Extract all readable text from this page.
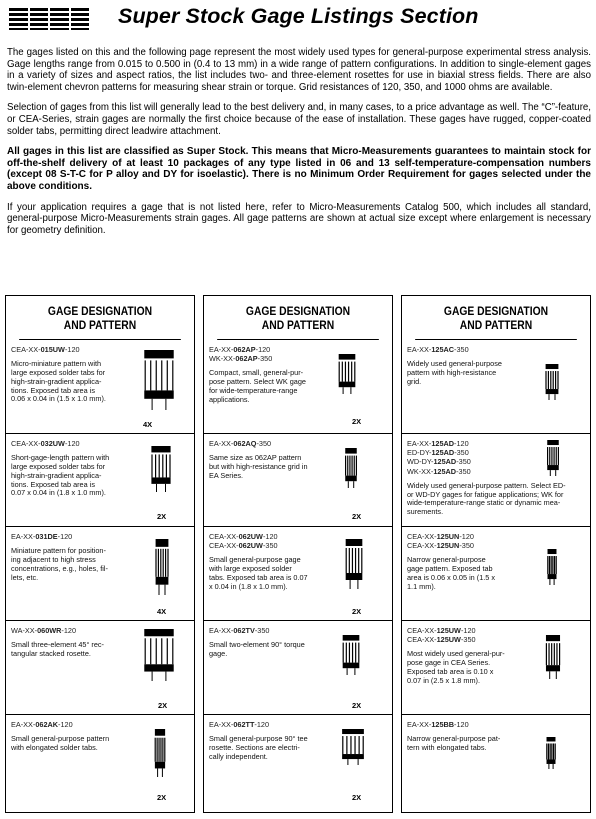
Super Stock Gage Listings Section

The gages listed on this and the following page represent the most widely used types for general-purpose experimental stress analysis. Gage lengths range from 0.015 to 0.500 in (0.4 to 13 mm) in a wide range of pattern configurations. In addition to single-element gages in a variety of sizes and aspect ratios, the list includes two- and three-element rosettes for use in biaxial stress fields. There are also twin-element chevron patterns for measuring shear strain or torque. Grid resistances of 120, 350, and 1000 ohms are available.

Selection of gages from this list will generally lead to the best delivery and, in many cases, to a price advantage as well. The “C”-feature, or CEA-Series, strain gages are normally the first choice because of the ease of installation. These gages have rugged, copper-coated solder tabs, permitting direct leadwire attachment.

All gages in this list are classified as Super Stock. This means that Micro-Measurements guarantees to maintain stock for off-the-shelf delivery of at least 10 packages of any type listed in 06 and 13 self-temperature-compensation numbers (except 08 S-T-C for P alloy and DY for isoelastic). There is no Minimum Order Requirement for gages selected under the above conditions.

If your application requires a gage that is not listed here, refer to Micro-Measurements Catalog 500, which includes all standard, general-purpose Micro-Measurements strain gages. All gage patterns are shown at actual size except where enlargement is necessary for geometry definition.

GAGE DESIGNATION
AND PATTERN
CEA-XX-015UW-120
Micro-miniature pattern with
large exposed solder tabs for
high-strain-gradient applica-
tions. Exposed tab area is
0.06 x 0.04 in (1.5 x 1.0 mm).
4X
CEA-XX-032UW-120
Short-gage-length pattern with
large exposed solder tabs for
high-strain-gradient applica-
tions. Exposed tab area is
0.07 x 0.04 in (1.8 x 1.0 mm).
2X
EA-XX-031DE-120
Miniature pattern for position-
ing adjacent to high stress
concentrations, e.g., holes, fil-
lets, etc.
4X
WA-XX-060WR-120
Small three-element 45° rec-
tangular stacked rosette.
2X
EA-XX-062AK-120
Small general-purpose pattern
with elongated solder tabs.
2X
GAGE DESIGNATION
AND PATTERN
EA-XX-062AP-120
WK-XX-062AP-350
Compact, small, general-pur-
pose pattern. Select WK gage
for wide-temperature-range
applications.
2X
EA-XX-062AQ-350
Same size as 062AP pattern
but with high-resistance grid in
EA Series.
2X
CEA-XX-062UW-120
CEA-XX-062UW-350
Small general-purpose gage
with large exposed solder
tabs. Exposed tab area is 0.07
x 0.04 in (1.8 x 1.0 mm).
2X
EA-XX-062TV-350
Small two-element 90° torque
gage.
2X
EA-XX-062TT-120
Small general-purpose 90° tee
rosette. Sections are electri-
cally independent.
2X
GAGE DESIGNATION
AND PATTERN
EA-XX-125AC-350
Widely used general-purpose
pattern with high-resistance
grid.
EA-XX-125AD-120
ED-DY-125AD-350
WD-DY-125AD-350
WK-XX-125AD-350
Widely used general-purpose pattern. Select ED-
or WD-DY gages for fatigue applications; WK for
wide-temperature-range static or dynamic mea-
surements.
CEA-XX-125UN-120
CEA-XX-125UN-350
Narrow general-purpose
gage pattern. Exposed tab
area is 0.06 x 0.05 in (1.5 x
1.1 mm).
CEA-XX-125UW-120
CEA-XX-125UW-350
Most widely used general-pur-
pose gage in CEA Series.
Exposed tab area is 0.10 x
0.07 in (2.5 x 1.8 mm).
EA-XX-125BB-120
Narrow general-purpose pat-
tern with elongated tabs.
